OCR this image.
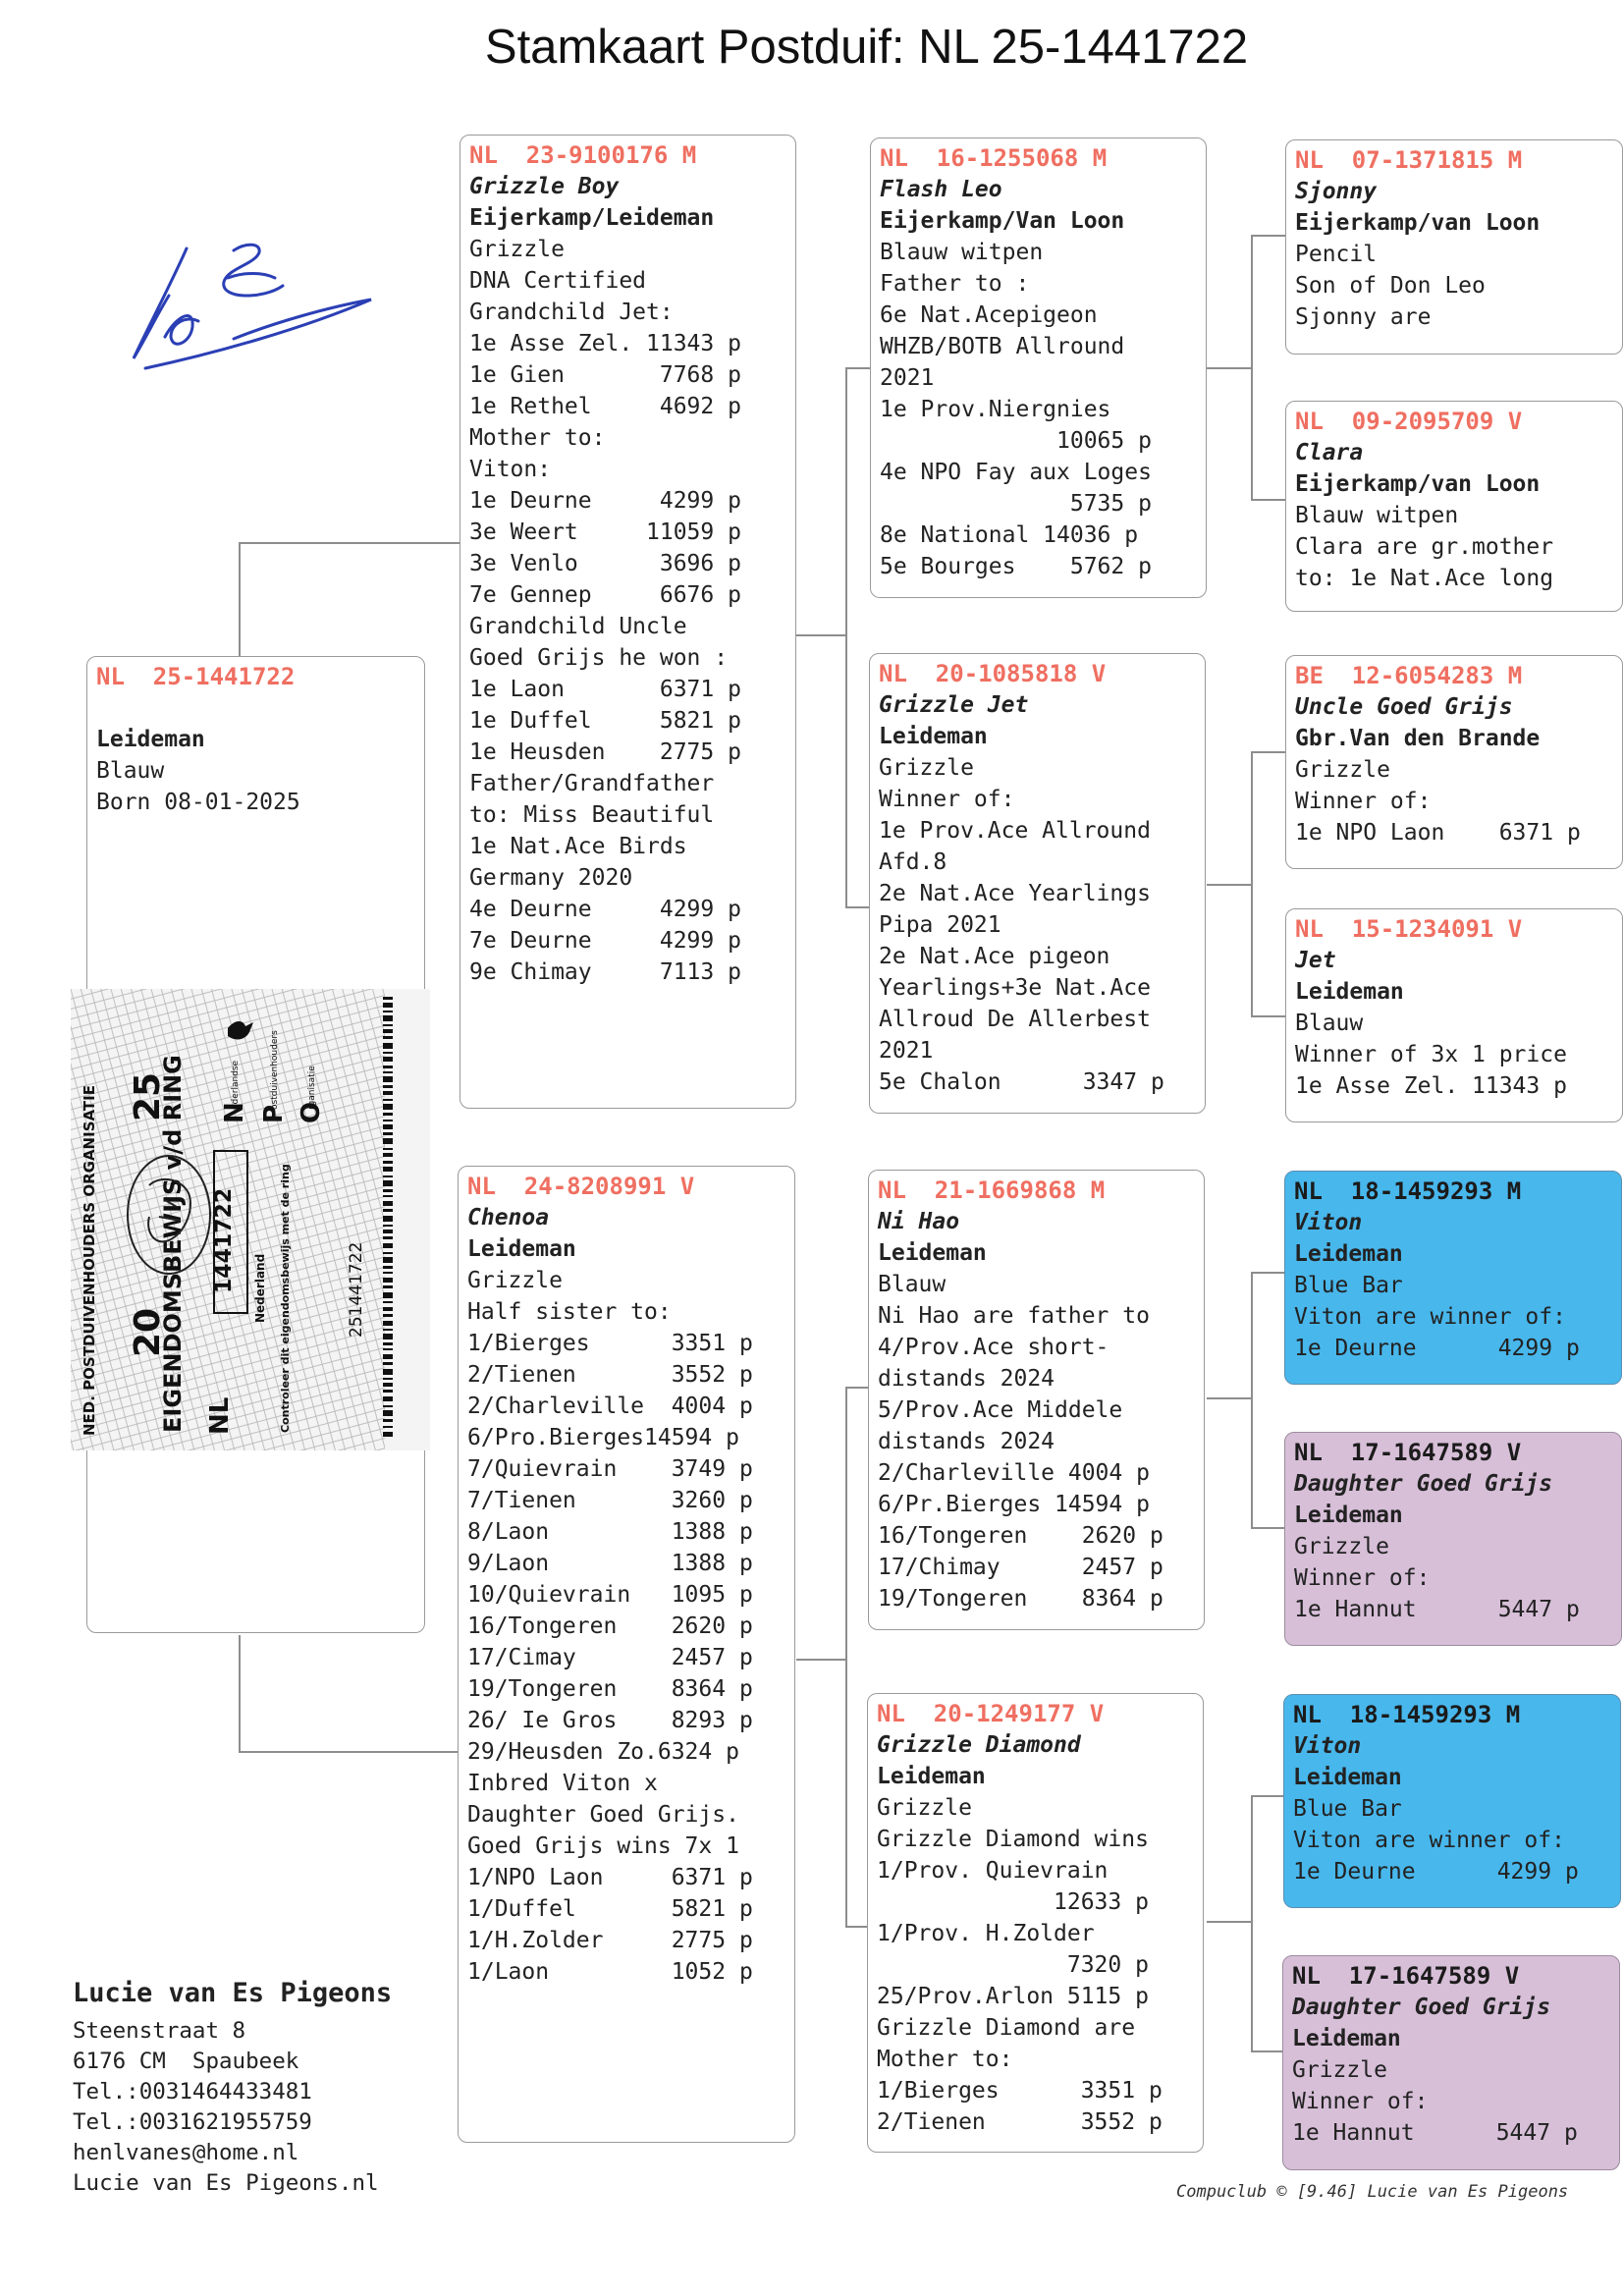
Stamkaart Postduif: NL 25-1441722
NL  25-1441722
Leideman
Blauw
Born 08-01-2025
NL  23-9100176 M
Grizzle Boy
Eijerkamp/Leideman
Grizzle
DNA Certified
Grandchild Jet:
1e Asse Zel. 11343 p
1e Gien       7768 p
1e Rethel     4692 p
Mother to:
Viton:
1e Deurne     4299 p
3e Weert     11059 p
3e Venlo      3696 p
7e Gennep     6676 p
Grandchild Uncle
Goed Grijs he won :
1e Laon       6371 p
1e Duffel     5821 p
1e Heusden    2775 p
Father/Grandfather
to: Miss Beautiful
1e Nat.Ace Birds
Germany 2020
4e Deurne     4299 p
7e Deurne     4299 p
9e Chimay     7113 p
NL  24-8208991 V
Chenoa
Leideman
Grizzle
Half sister to:
1/Bierges      3351 p
2/Tienen       3552 p
2/Charleville  4004 p
6/Pro.Bierges14594 p
7/Quievrain    3749 p
7/Tienen       3260 p
8/Laon         1388 p
9/Laon         1388 p
10/Quievrain   1095 p
16/Tongeren    2620 p
17/Cimay       2457 p
19/Tongeren    8364 p
26/ Ie Gros    8293 p
29/Heusden Zo.6324 p
Inbred Viton x
Daughter Goed Grijs.
Goed Grijs wins 7x 1
1/NPO Laon     6371 p
1/Duffel       5821 p
1/H.Zolder     2775 p
1/Laon         1052 p
NL  16-1255068 M
Flash Leo
Eijerkamp/Van Loon
Blauw witpen
Father to :
6e Nat.Acepigeon
WHZB/BOTB Allround
2021
1e Prov.Niergnies
10065 p
4e NPO Fay aux Loges
5735 p
8e National 14036 p
5e Bourges    5762 p
NL  20-1085818 V
Grizzle Jet
Leideman
Grizzle
Winner of:
1e Prov.Ace Allround
Afd.8
2e Nat.Ace Yearlings
Pipa 2021
2e Nat.Ace pigeon
Yearlings+3e Nat.Ace
Allroud De Allerbest
2021
5e Chalon      3347 p
NL  21-1669868 M
Ni Hao
Leideman
Blauw
Ni Hao are father to
4/Prov.Ace short-
distands 2024
5/Prov.Ace Middele
distands 2024
2/Charleville 4004 p
6/Pr.Bierges 14594 p
16/Tongeren    2620 p
17/Chimay      2457 p
19/Tongeren    8364 p
NL  20-1249177 V
Grizzle Diamond
Leideman
Grizzle
Grizzle Diamond wins
1/Prov. Quievrain
12633 p
1/Prov. H.Zolder
7320 p
25/Prov.Arlon 5115 p
Grizzle Diamond are
Mother to:
1/Bierges      3351 p
2/Tienen       3552 p
NL  07-1371815 M
Sjonny
Eijerkamp/van Loon
Pencil
Son of Don Leo
Sjonny are
NL  09-2095709 V
Clara
Eijerkamp/van Loon
Blauw witpen
Clara are gr.mother
to: 1e Nat.Ace long
BE  12-6054283 M
Uncle Goed Grijs
Gbr.Van den Brande
Grizzle
Winner of:
1e NPO Laon    6371 p
NL  15-1234091 V
Jet
Leideman
Blauw
Winner of 3x 1 price
1e Asse Zel. 11343 p
NL  18-1459293 M
Viton
Leideman
Blue Bar
Viton are winner of:
1e Deurne      4299 p
NL  17-1647589 V
Daughter Goed Grijs
Leideman
Grizzle
Winner of:
1e Hannut      5447 p
NL  18-1459293 M
Viton
Leideman
Blue Bar
Viton are winner of:
1e Deurne      4299 p
NL  17-1647589 V
Daughter Goed Grijs
Leideman
Grizzle
Winner of:
1e Hannut      5447 p
NED. POSTDUIVENHOUDERS ORGANISATIE	EIGENDOMSBEWIJS v/d RING NL
20
25
1441722 Nederland Controleer dit eigendomsbewijs met de ring	251441722
N P O
ederlandse	ostduivenhouders	rganisatie
Lucie van Es Pigeons
Steenstraat 8
6176 CM  Spaubeek
Tel.:0031464433481
Tel.:0031621955759
henlvanes@home.nl
Lucie van Es Pigeons.nl	Compuclub © [9.46] Lucie van Es Pigeons
